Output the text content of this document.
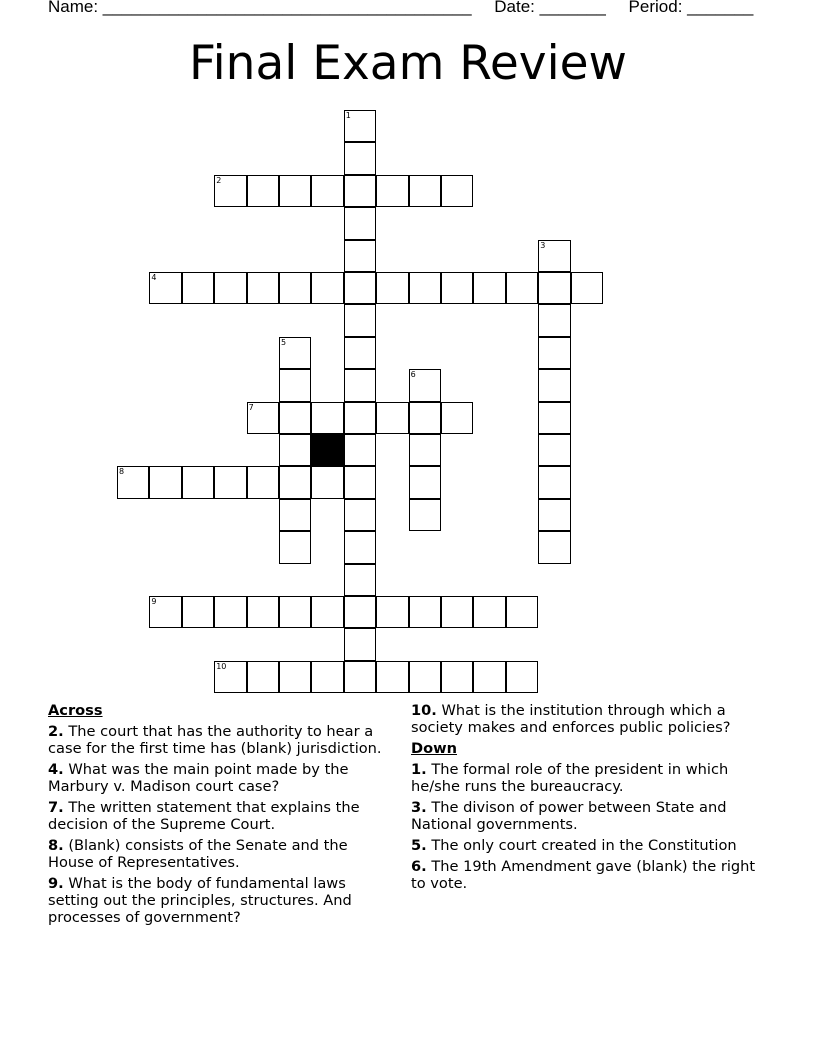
Name: _______________________________________ Date: _______ Period: _______
Final Exam Review
1
2
3
4
5
6
7
8
9
10
Across
2. The court that has the authority to hear a case for the first time has (blank) jurisdiction.
4. What was the main point made by the Marbury v. Madison court case?
7. The written statement that explains the decision of the Supreme Court.
8. (Blank) consists of the Senate and the House of Representatives.
9. What is the body of fundamental laws setting out the principles, structures. And processes of government?
10. What is the institution through which a society makes and enforces public policies?
Down
1. The formal role of the president in which he/she runs the bureaucracy.
3. The divison of power between State and National governments.
5. The only court created in the Constitution
6. The 19th Amendment gave (blank) the right to vote.
